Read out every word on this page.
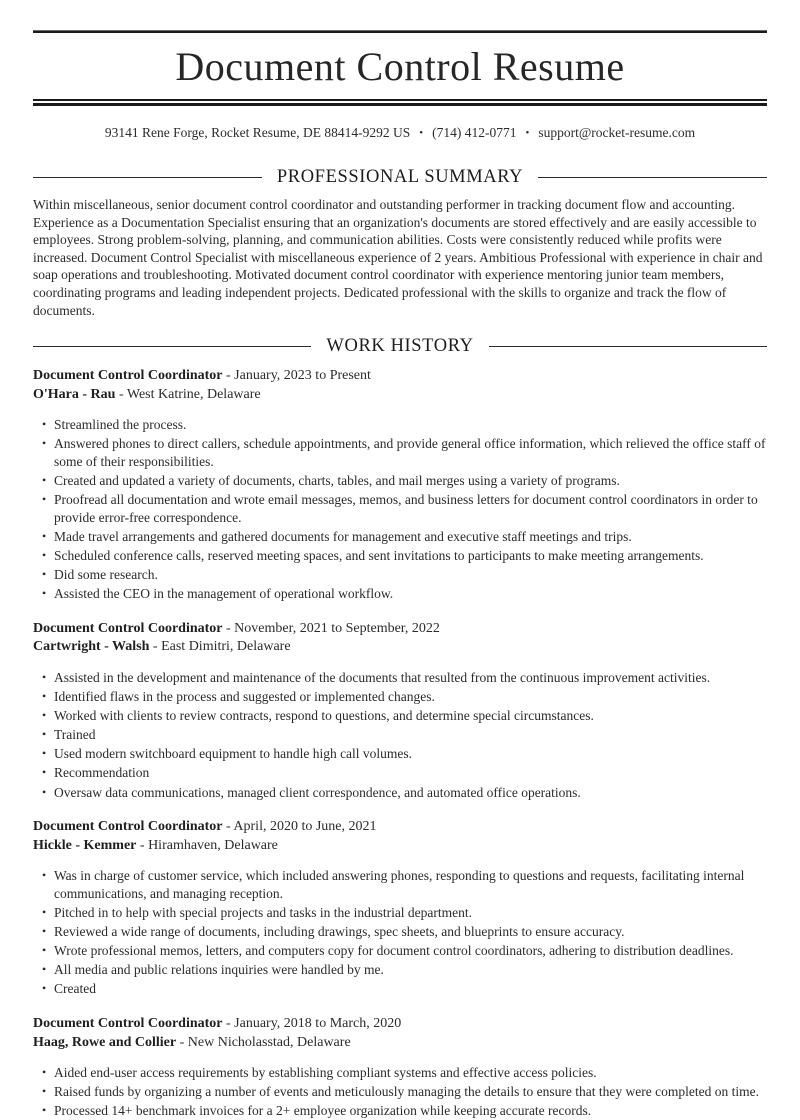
Document Control Resume
93141 Rene Forge, Rocket Resume, DE 88414-9292 US • (714) 412-0771 • support@rocket-resume.com
PROFESSIONAL SUMMARY

Within miscellaneous, senior document control coordinator and outstanding performer in tracking document flow and accounting. Experience as a Documentation Specialist ensuring that an organization's documents are stored effectively and are easily accessible to employees. Strong problem-solving, planning, and communication abilities. Costs were consistently reduced while profits were increased. Document Control Specialist with miscellaneous experience of 2 years. Ambitious Professional with experience in chair and soap operations and troubleshooting. Motivated document control coordinator with experience mentoring junior team members, coordinating programs and leading independent projects. Dedicated professional with the skills to organize and track the flow of documents.

WORK HISTORY
Document Control Coordinator - January, 2023 to Present
O'Hara - Rau - West Katrine, Delaware
• Streamlined the process.
• Answered phones to direct callers, schedule appointments, and provide general office information, which relieved the office staff of some of their responsibilities.
• Created and updated a variety of documents, charts, tables, and mail merges using a variety of programs.
• Proofread all documentation and wrote email messages, memos, and business letters for document control coordinators in order to provide error-free correspondence.
• Made travel arrangements and gathered documents for management and executive staff meetings and trips.
• Scheduled conference calls, reserved meeting spaces, and sent invitations to participants to make meeting arrangements.
• Did some research.
• Assisted the CEO in the management of operational workflow.
Document Control Coordinator - November, 2021 to September, 2022
Cartwright - Walsh - East Dimitri, Delaware
• Assisted in the development and maintenance of the documents that resulted from the continuous improvement activities.
• Identified flaws in the process and suggested or implemented changes.
• Worked with clients to review contracts, respond to questions, and determine special circumstances.
• Trained
• Used modern switchboard equipment to handle high call volumes.
• Recommendation
• Oversaw data communications, managed client correspondence, and automated office operations.
Document Control Coordinator - April, 2020 to June, 2021
Hickle - Kemmer - Hiramhaven, Delaware
• Was in charge of customer service, which included answering phones, responding to questions and requests, facilitating internal communications, and managing reception.
• Pitched in to help with special projects and tasks in the industrial department.
• Reviewed a wide range of documents, including drawings, spec sheets, and blueprints to ensure accuracy.
• Wrote professional memos, letters, and computers copy for document control coordinators, adhering to distribution deadlines.
• All media and public relations inquiries were handled by me.
• Created
Document Control Coordinator - January, 2018 to March, 2020
Haag, Rowe and Collier - New Nicholasstad, Delaware
• Aided end-user access requirements by establishing compliant systems and effective access policies.
• Raised funds by organizing a number of events and meticulously managing the details to ensure that they were completed on time.
• Processed 14+ benchmark invoices for a 2+ employee organization while keeping accurate records.
